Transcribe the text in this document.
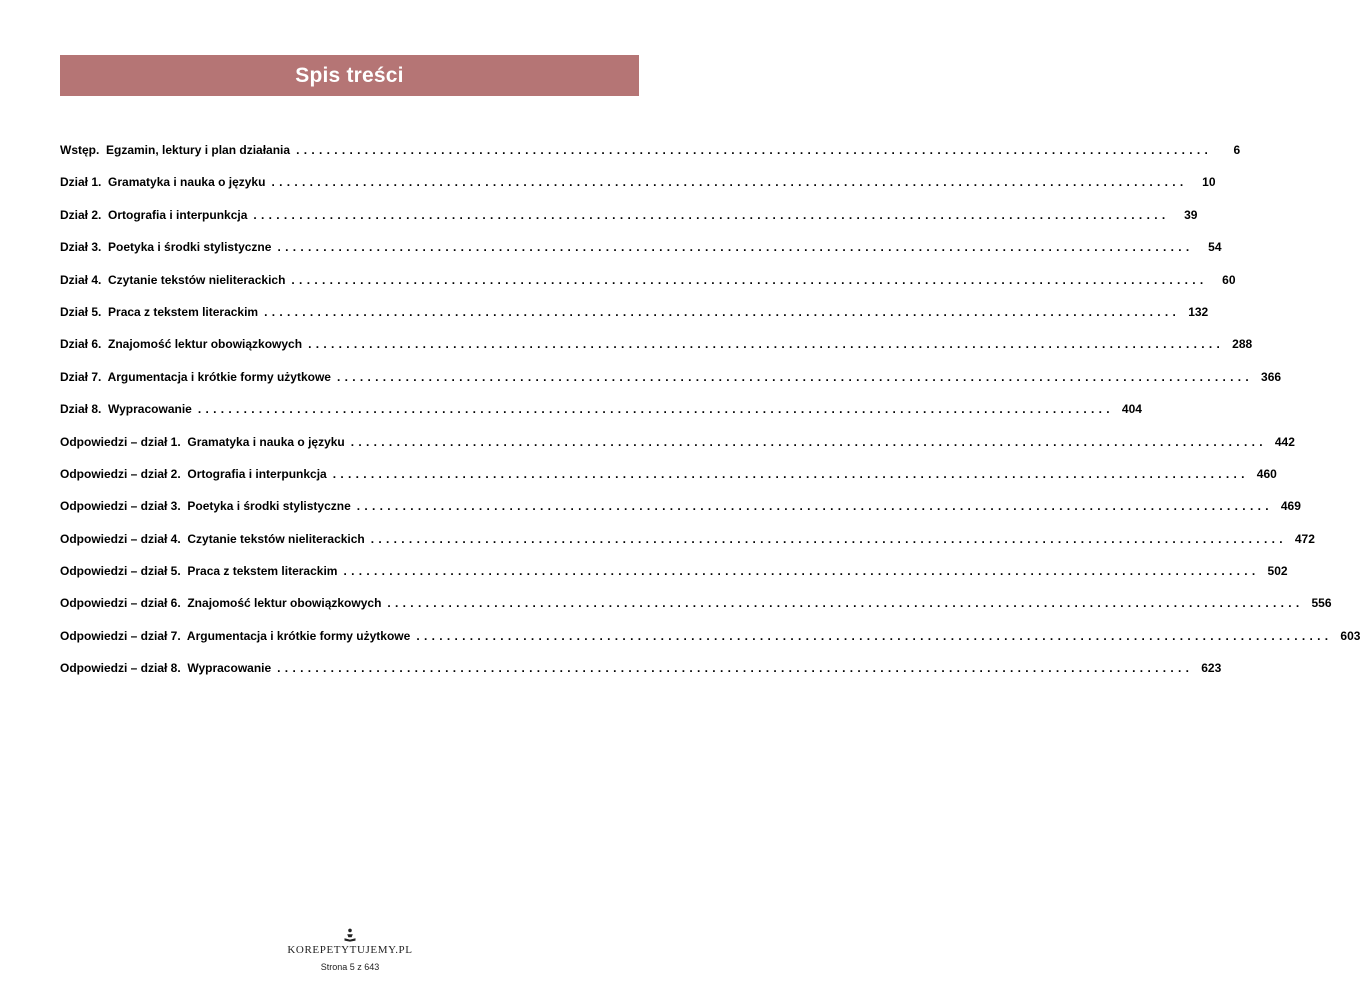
Spis treści
Wstęp.  Egzamin, lektury i plan działania ........................................................................................................................	6
Dział 1.  Gramatyka i nauka o języku ........................................................................................................................	10
Dział 2.  Ortografia i interpunkcja ........................................................................................................................	39
Dział 3.  Poetyka i środki stylistyczne ........................................................................................................................	54
Dział 4.  Czytanie tekstów nieliterackich ........................................................................................................................	60
Dział 5.  Praca z tekstem literackim ........................................................................................................................ 132
Dział 6.  Znajomość lektur obowiązkowych ........................................................................................................................ 288
Dział 7.  Argumentacja i krótkie formy użytkowe ........................................................................................................................ 366
Dział 8.  Wypracowanie ........................................................................................................................ 404
Odpowiedzi – dział 1.  Gramatyka i nauka o języku ........................................................................................................................ 442
Odpowiedzi – dział 2.  Ortografia i interpunkcja ........................................................................................................................ 460
Odpowiedzi – dział 3.  Poetyka i środki stylistyczne ........................................................................................................................ 469
Odpowiedzi – dział 4.  Czytanie tekstów nieliterackich ........................................................................................................................ 472
Odpowiedzi – dział 5.  Praca z tekstem literackim ........................................................................................................................ 502
Odpowiedzi – dział 6.  Znajomość lektur obowiązkowych ........................................................................................................................ 556
Odpowiedzi – dział 7.  Argumentacja i krótkie formy użytkowe ........................................................................................................................ 603
Odpowiedzi – dział 8.  Wypracowanie ........................................................................................................................ 623
KOREPETYTUJEMY.PL
Strona 5 z 643
